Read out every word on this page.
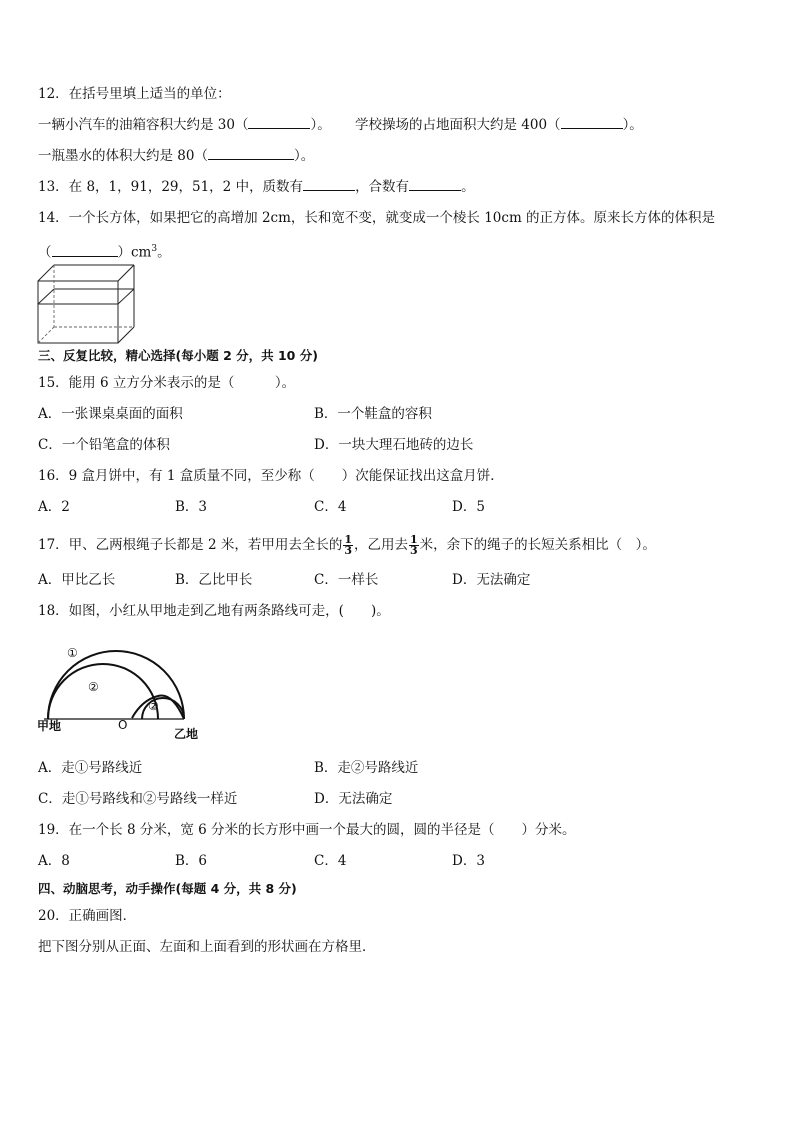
12．在括号里填上适当的单位：
一辆小汽车的油箱容积大约是 30（	）。 学校操场的占地面积大约是 400（	）。
一瓶墨水的体积大约是 80（	）。
13．在 8，1，91，29，51，2 中，质数有	，合数有	。
14．一个长方体，如果把它的高增加 2cm，长和宽不变，就变成一个棱长 10cm 的正方体。原来长方体的体积是
（	）$cm^3$。
三、反复比较，精心选择(每小题 2 分，共 10 分)
15．能用 6 立方分米表示的是（　　　）。
A．一张课桌桌面的面积	B．一个鞋盒的容积
C．一个铅笔盒的体积	D．一块大理石地砖的边长
16．9 盒月饼中，有 1 盒质量不同，至少称（　　）次能保证找出这盒月饼．
A．2	B．3	C．4	D．5
17．甲、乙两根绳子长都是 2 米，若甲用去全长的 $\frac{1}{3}$ ，乙用去 $\frac{1}{3}$ 米，余下的绳子的长短关系相比（　）。
A．甲比乙长	B．乙比甲长	C．一样长	D．无法确定
18．如图，小红从甲地走到乙地有两条路线可走，(　　)。
①
②
②
甲地	O
乙地
A．走①号路线近	B．走②号路线近
C．走①号路线和②号路线一样近	D．无法确定
19．在一个长 8 分米，宽 6 分米的长方形中画一个最大的圆，圆的半径是（　　）分米。
A．8	B．6	C．4	D．3
四、动脑思考，动手操作(每题 4 分，共 8 分)
20．正确画图．
把下图分别从正面、左面和上面看到的形状画在方格里．
